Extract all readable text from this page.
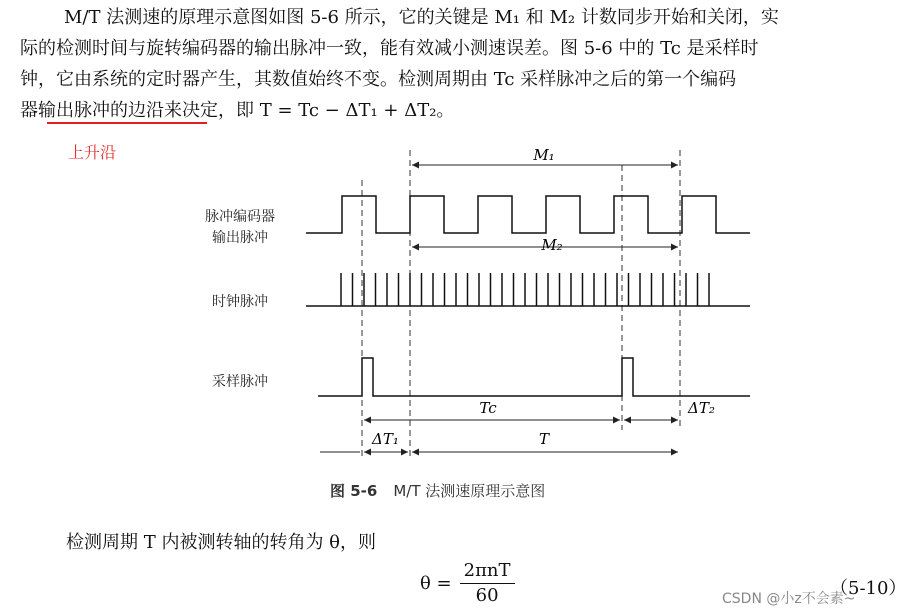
M/T 法测速的原理示意图如图 5-6 所示，它的关键是 M₁ 和 M₂ 计数同步开始和关闭，实
际的检测时间与旋转编码器的输出脉冲一致，能有效减小测速误差。图 5-6 中的 Tc 是采样时
钟，它由系统的定时器产生，其数值始终不变。检测周期由 Tc 采样脉冲之后的第一个编码
器输出脉冲的边沿来决定，即 T = Tc − ΔT₁ + ΔT₂。
上升沿	M₁
M₂
Tc	ΔT₂
ΔT₁	T
脉冲编码器
输出脉冲
时钟脉冲
采样脉冲
图 5-6 M/T 法测速原理示意图
检测周期 T 内被测转轴的转角为 θ，则
$\theta = \frac{\text{2πnT}}{60}$	（5-10）
CSDN @小z不会素~
